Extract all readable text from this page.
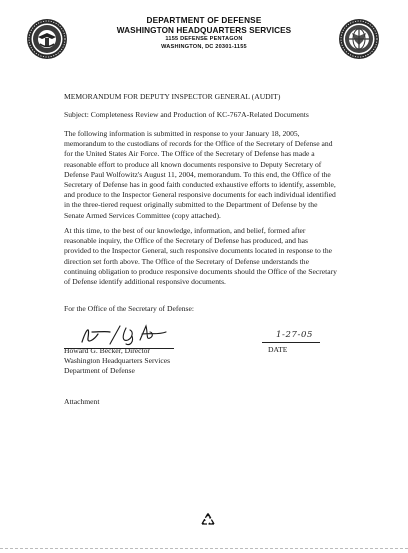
DEPARTMENT OF DEFENSE
WASHINGTON HEADQUARTERS SERVICES
1155 DEFENSE PENTAGON
WASHINGTON, DC 20301-1155
MEMORANDUM FOR DEPUTY INSPECTOR GENERAL (AUDIT)
Subject: Completeness Review and Production of KC-767A-Related Documents
The following information is submitted in response to your January 18, 2005,
memorandum to the custodians of records for the Office of the Secretary of Defense and
for the United States Air Force. The Office of the Secretary of Defense has made a
reasonable effort to produce all known documents responsive to Deputy Secretary of
Defense Paul Wolfowitz's August 11, 2004, memorandum. To this end, the Office of the
Secretary of Defense has in good faith conducted exhaustive efforts to identify, assemble,
and produce to the Inspector General responsive documents for each individual identified
in the three-tiered request originally submitted to the Department of Defense by the
Senate Armed Services Committee (copy attached).
At this time, to the best of our knowledge, information, and belief, formed after
reasonable inquiry, the Office of the Secretary of Defense has produced, and has
provided to the Inspector General, such responsive documents located in response to the
direction set forth above. The Office of the Secretary of Defense understands the
continuing obligation to produce responsive documents should the Office of the Secretary
of Defense identify additional responsive documents.
For the Office of the Secretary of Defense:
Howard G. Becker, Director
Washington Headquarters Services
Department of Defense
1-27-05
DATE
Attachment
